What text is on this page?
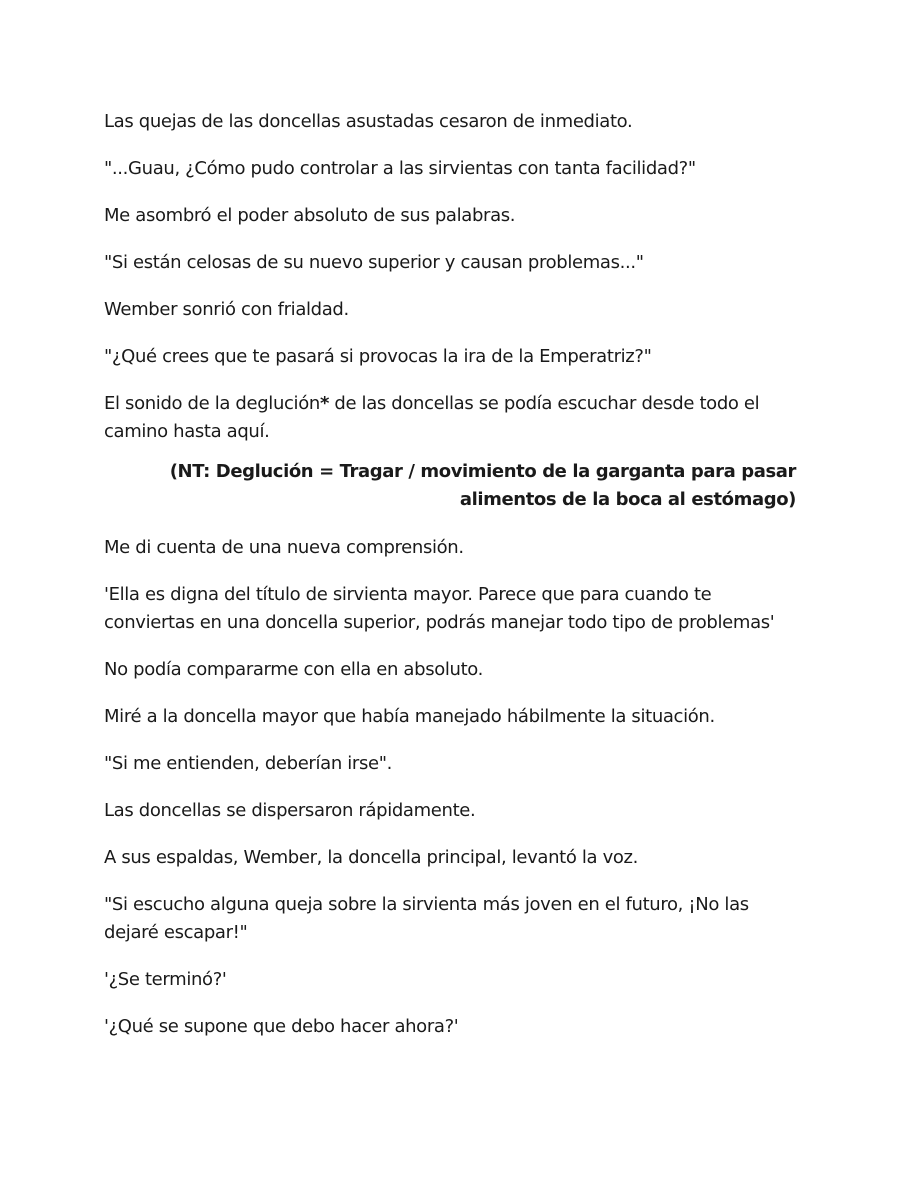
Las quejas de las doncellas asustadas cesaron de inmediato.

"...Guau, ¿Cómo pudo controlar a las sirvientas con tanta facilidad?"

Me asombró el poder absoluto de sus palabras.

"Si están celosas de su nuevo superior y causan problemas..."

Wember sonrió con frialdad.

"¿Qué crees que te pasará si provocas la ira de la Emperatriz?"

El sonido de la deglución* de las doncellas se podía escuchar desde todo el camino hasta aquí.

(NT: Deglución = Tragar / movimiento de la garganta para pasar
alimentos de la boca al estómago)

Me di cuenta de una nueva comprensión.

'Ella es digna del título de sirvienta mayor. Parece que para cuando te conviertas en una doncella superior, podrás manejar todo tipo de problemas'

No podía compararme con ella en absoluto.

Miré a la doncella mayor que había manejado hábilmente la situación.

"Si me entienden, deberían irse".

Las doncellas se dispersaron rápidamente.

A sus espaldas, Wember, la doncella principal, levantó la voz.

"Si escucho alguna queja sobre la sirvienta más joven en el futuro, ¡No las dejaré escapar!"

'¿Se terminó?'

'¿Qué se supone que debo hacer ahora?'
